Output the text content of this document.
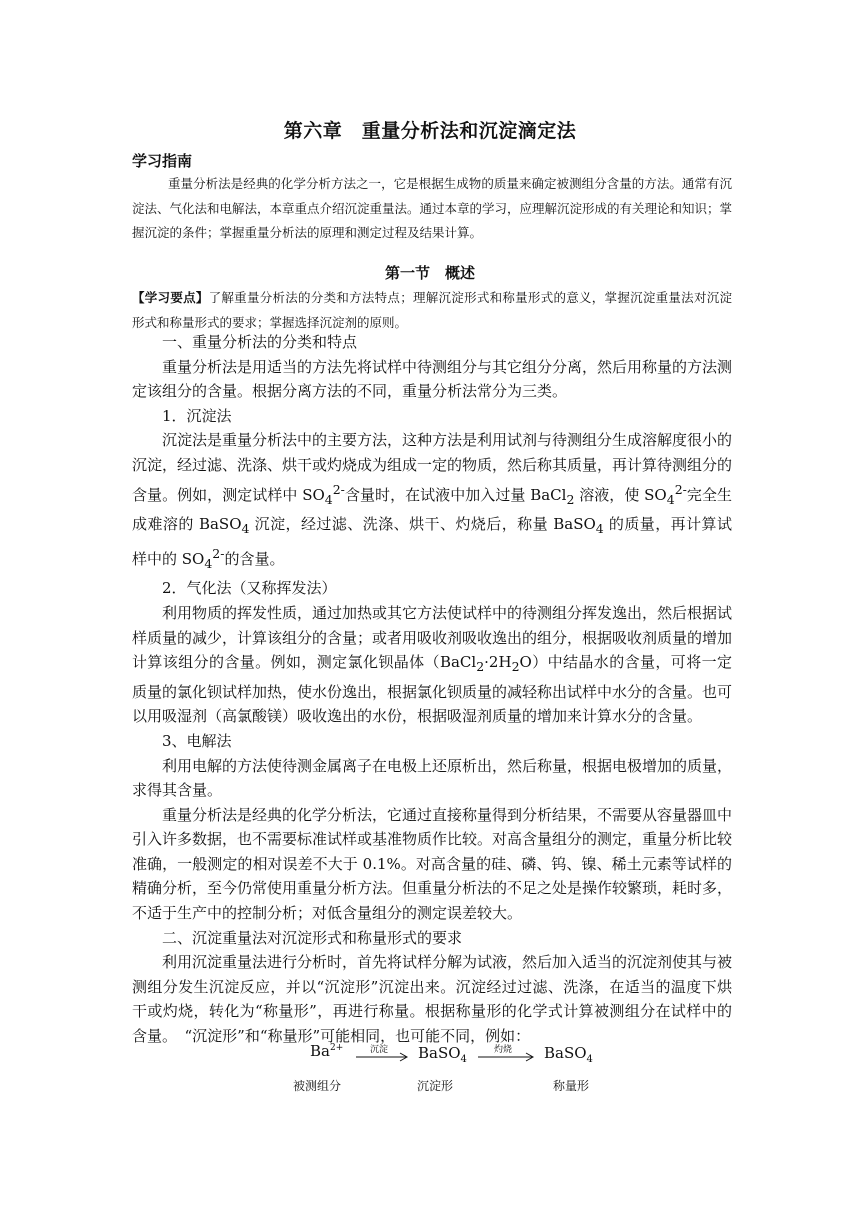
第六章　重量分析法和沉淀滴定法
学习指南
重量分析法是经典的化学分析方法之一，它是根据生成物的质量来确定被测组分含量的方法。通常有沉淀法、气化法和电解法，本章重点介绍沉淀重量法。通过本章的学习，应理解沉淀形成的有关理论和知识；掌握沉淀的条件；掌握重量分析法的原理和测定过程及结果计算。
第一节　概述
【学习要点】了解重量分析法的分类和方法特点；理解沉淀形式和称量形式的意义，掌握沉淀重量法对沉淀形式和称量形式的要求；掌握选择沉淀剂的原则。

一、重量分析法的分类和特点

重量分析法是用适当的方法先将试样中待测组分与其它组分分离，然后用称量的方法测定该组分的含量。根据分离方法的不同，重量分析法常分为三类。

1．沉淀法

沉淀法是重量分析法中的主要方法，这种方法是利用试剂与待测组分生成溶解度很小的沉淀，经过滤、洗涤、烘干或灼烧成为组成一定的物质，然后称其质量，再计算待测组分的含量。例如，测定试样中 $SO_4^{2-}$含量时，在试液中加入过量 BaCl$_2$ 溶液，使 $SO_4^{2-}$完全生成难溶的 BaSO$_4$ 沉淀，经过滤、洗涤、烘干、灼烧后，称量 BaSO$_4$ 的质量，再计算试样中的 $SO_4^{2-}$的含量。

2．气化法（又称挥发法）

利用物质的挥发性质，通过加热或其它方法使试样中的待测组分挥发逸出，然后根据试样质量的减少，计算该组分的含量；或者用吸收剂吸收逸出的组分，根据吸收剂质量的增加计算该组分的含量。例如，测定氯化钡晶体$(BaCl_2\cdot 2H_2O)$中结晶水的含量，可将一定质量的氯化钡试样加热，使水份逸出，根据氯化钡质量的减轻称出试样中水分的含量。也可以用吸湿剂（高氯酸镁）吸收逸出的水份，根据吸湿剂质量的增加来计算水分的含量。

3、电解法

利用电解的方法使待测金属离子在电极上还原析出，然后称量，根据电极增加的质量，求得其含量。

重量分析法是经典的化学分析法，它通过直接称量得到分析结果，不需要从容量器皿中引入许多数据，也不需要标准试样或基准物质作比较。对高含量组分的测定，重量分析比较准确，一般测定的相对误差不大于 0.1%。对高含量的硅、磷、钨、镍、稀土元素等试样的精确分析，至今仍常使用重量分析方法。但重量分析法的不足之处是操作较繁琐，耗时多，不适于生产中的控制分析；对低含量组分的测定误差较大。

二、沉淀重量法对沉淀形式和称量形式的要求

利用沉淀重量法进行分析时，首先将试样分解为试液，然后加入适当的沉淀剂使其与被测组分发生沉淀反应，并以“沉淀形”沉淀出来。沉淀经过过滤、洗涤，在适当的温度下烘干或灼烧，转化为“称量形”，再进行称量。根据称量形的化学式计算被测组分在试样中的含量。　“沉淀形”和“称量形”可能相同，也可能不同，例如：

$Ba^{2+}$	沉淀 → BaSO$_4$
灼烧 → BaSO$_4$
被测组分	沉淀形	称量形
